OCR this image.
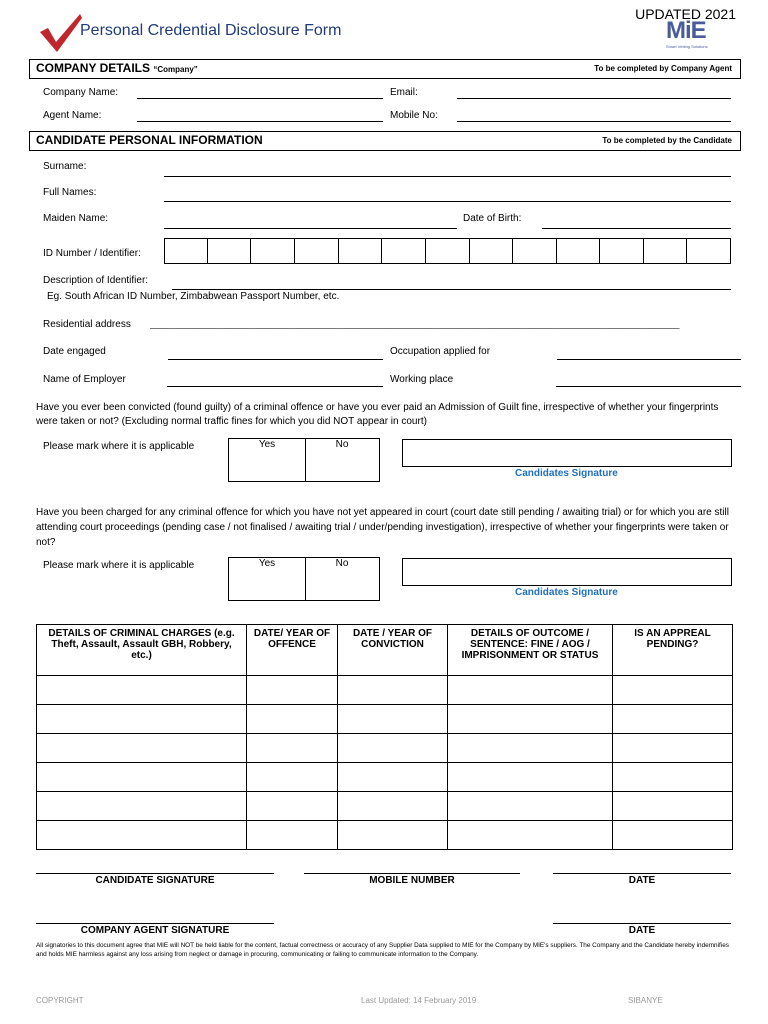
Personal Credential Disclosure Form
UPDATED 2021
MiE
Smart Vetting Solutions
COMPANY DETAILS “Company”	To be completed by Company Agent
Company Name:	Email:
Agent Name:	Mobile No:
CANDIDATE PERSONAL INFORMATION	To be completed by the Candidate
Surname:
Full Names:
Maiden Name:	Date of Birth:
ID Number / Identifier:
Description of Identifier:
Eg. South African ID Number, Zimbabwean Passport Number, etc.
Residential address _______________________________________________________________________________________________________________________
Date engaged	Occupation applied for
Name of Employer	Working place
Have you ever been convicted (found guilty) of a criminal offence or have you ever paid an Admission of Guilt fine, irrespective of whether your fingerprints were taken or not? (Excluding normal traffic fines for which you did NOT appear in court)
Please mark where it is applicable	Yes	No
Candidates Signature
Have you been charged for any criminal offence for which you have not yet appeared in court (court date still pending / awaiting trial) or for which you are still attending court proceedings (pending case / not finalised / awaiting trial / under/pending investigation), irrespective of whether your fingerprints were taken or not?
Please mark where it is applicable	Yes	No
Candidates Signature
DETAILS OF CRIMINAL CHARGES (e.g. Theft, Assault, Assault GBH, Robbery, etc.)	DATE/ YEAR OF OFFENCE	DATE / YEAR OF CONVICTION	DETAILS OF OUTCOME / SENTENCE: FINE / AOG / IMPRISONMENT OR STATUS	IS AN APPREAL PENDING?

CANDIDATE SIGNATURE	MOBILE NUMBER	DATE
COMPANY AGENT SIGNATURE	DATE
All signatories to this document agree that MIE will NOT be held liable for the content, factual correctness or accuracy of any Supplier Data supplied to MIE for the Company by MIE's suppliers. The Company and the Candidate hereby indemnifies and holds MIE harmless against any loss arising from neglect or damage in procuring, communicating or failing to communicate information to the Company.
COPYRIGHT	Last Updated: 14 February 2019	SIBANYE
